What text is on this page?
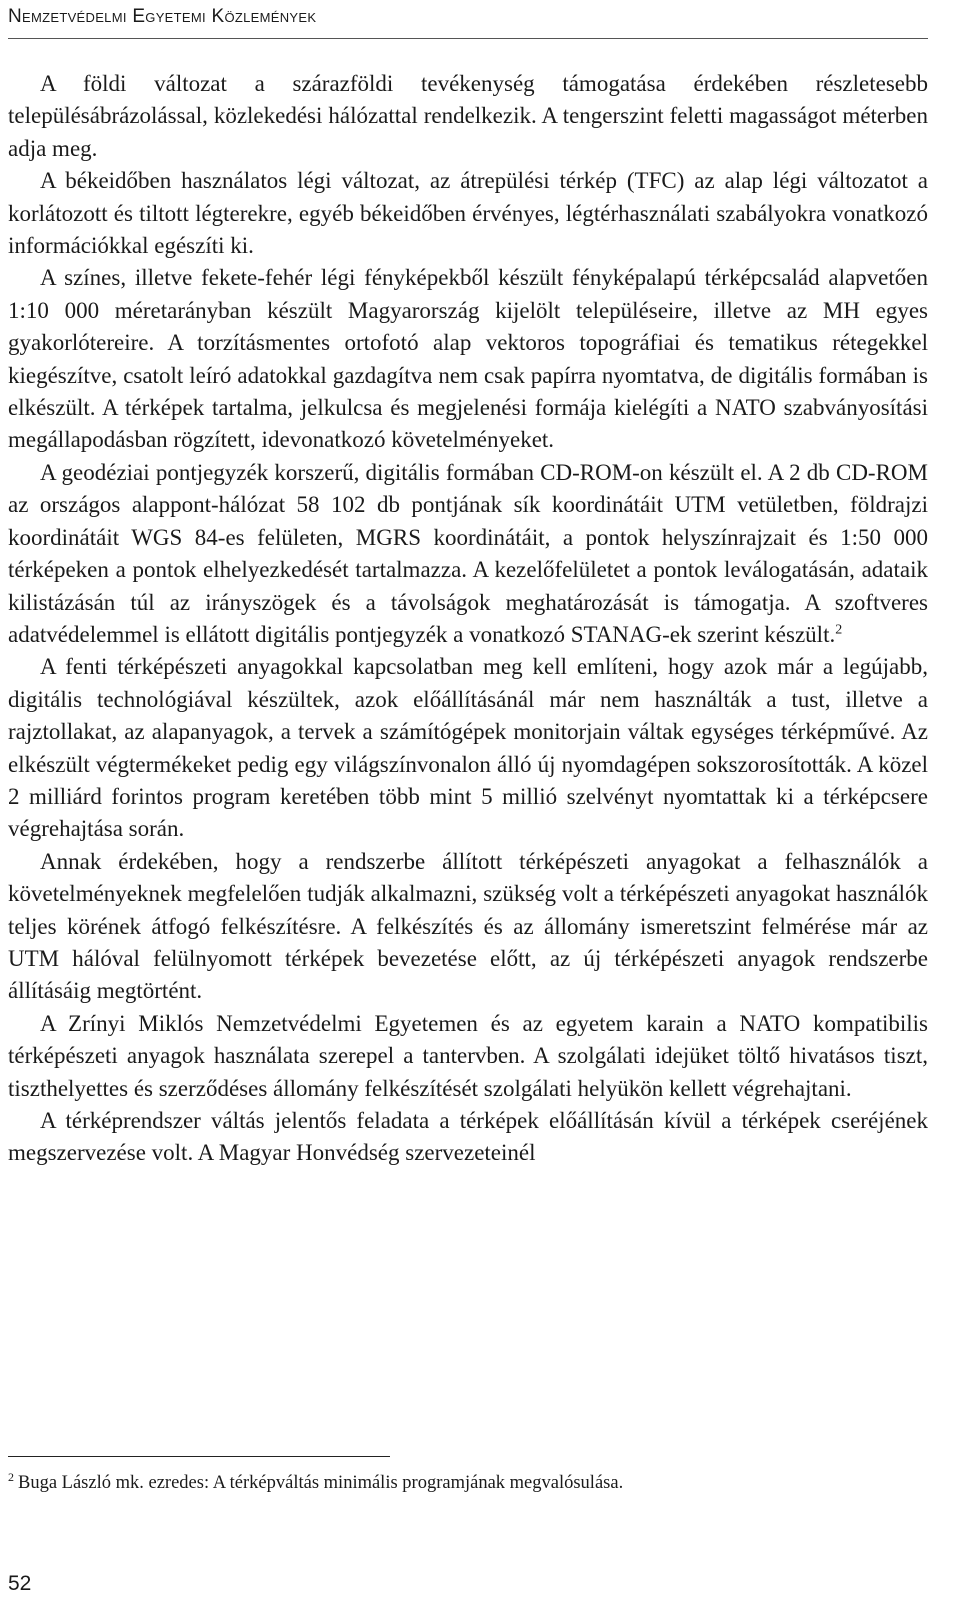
Nemzetvédelmi Egyetemi Közlemények

A földi változat a szárazföldi tevékenység támogatása érdekében részletesebb településábrázolással, közlekedési hálózattal rendelkezik. A tengerszint feletti magasságot méterben adja meg.

A békeidőben használatos légi változat, az átrepülési térkép (TFC) az alap légi változatot a korlátozott és tiltott légterekre, egyéb békeidőben érvényes, légtérhasználati szabályokra vonatkozó információkkal egészíti ki.

A színes, illetve fekete-fehér légi fényképekből készült fényképalapú térképcsalád alapvetően 1:10 000 méretarányban készült Magyarország kijelölt településeire, illetve az MH egyes gyakorlótereire. A torzításmentes ortofotó alap vektoros topográfiai és tematikus rétegekkel kiegészítve, csatolt leíró adatokkal gazdagítva nem csak papírra nyomtatva, de digitális formában is elkészült. A térképek tartalma, jelkulcsa és megjelenési formája kielégíti a NATO szabványosítási megállapodásban rögzített, idevonatkozó követelményeket.

A geodéziai pontjegyzék korszerű, digitális formában CD-ROM-on készült el. A 2 db CD-ROM az országos alappont-hálózat 58 102 db pontjának sík koordinátáit UTM vetületben, földrajzi koordinátáit WGS 84-es felületen, MGRS koordinátáit, a pontok helyszínrajzait és 1:50 000 térképeken a pontok elhelyezkedését tartalmazza. A kezelőfelületet a pontok leválogatásán, adataik kilistázásán túl az irányszögek és a távolságok meghatározását is támogatja. A szoftveres adatvédelemmel is ellátott digitális pontjegyzék a vonatkozó STANAG-ek szerint készült.$^2$

A fenti térképészeti anyagokkal kapcsolatban meg kell említeni, hogy azok már a legújabb, digitális technológiával készültek, azok előállításánál már nem használták a tust, illetve a rajztollakat, az alapanyagok, a tervek a számítógépek monitorjain váltak egységes térképművé. Az elkészült végtermékeket pedig egy világszínvonalon álló új nyomdagépen sokszorosították. A közel 2 milliárd forintos program keretében több mint 5 millió szelvényt nyomtattak ki a térképcsere végrehajtása során.

Annak érdekében, hogy a rendszerbe állított térképészeti anyagokat a felhasználók a követelményeknek megfelelően tudják alkalmazni, szükség volt a térképészeti anyagokat használók teljes körének átfogó felkészítésre. A felkészítés és az állomány ismeretszint felmérése már az UTM hálóval felülnyomott térképek bevezetése előtt, az új térképészeti anyagok rendszerbe állításáig megtörtént.

A Zrínyi Miklós Nemzetvédelmi Egyetemen és az egyetem karain a NATO kompatibilis térképészeti anyagok használata szerepel a tantervben. A szolgálati idejüket töltő hivatásos tiszt, tiszthelyettes és szerződéses állomány felkészítését szolgálati helyükön kellett végrehajtani.

A térképrendszer váltás jelentős feladata a térképek előállításán kívül a térképek cseréjének megszervezése volt. A Magyar Honvédség szervezeteinél

$^2$ Buga László mk. ezredes: A térképváltás minimális programjának megvalósulása.
52
